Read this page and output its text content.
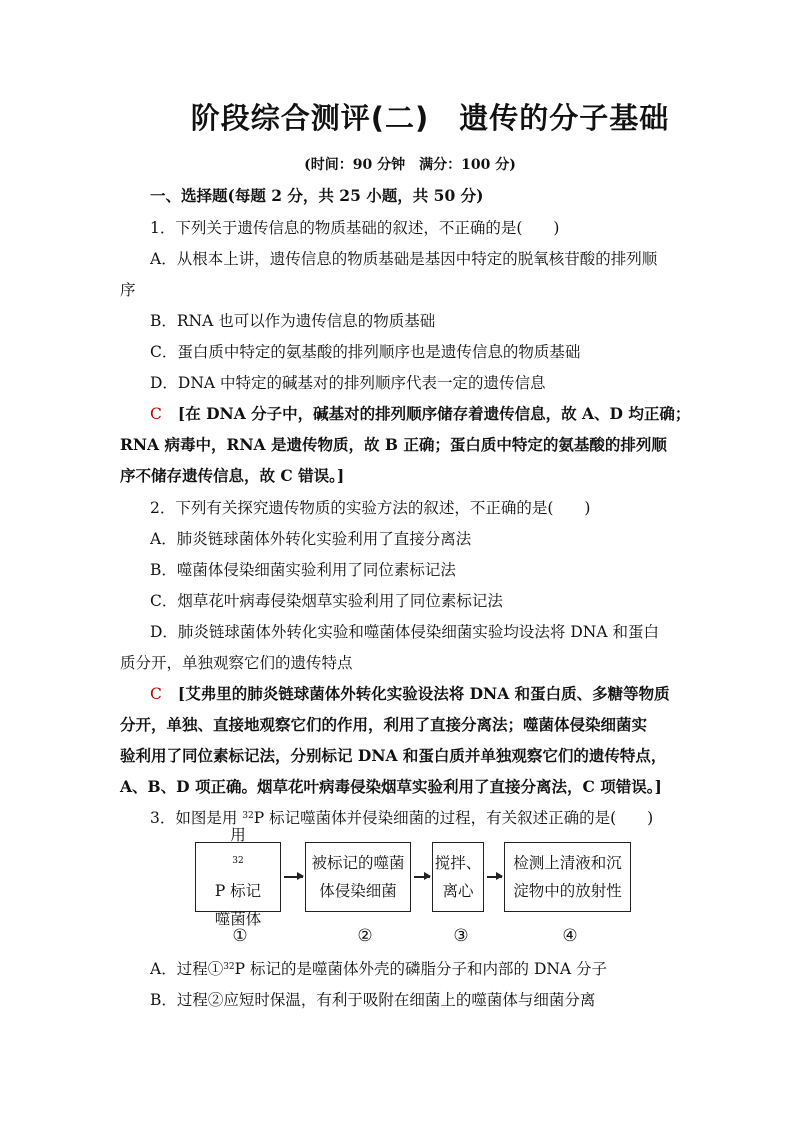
阶段综合测评(二)　遗传的分子基础
(时间：90 分钟　满分：100 分)
一、选择题(每题 2 分，共 25 小题，共 50 分)
1．下列关于遗传信息的物质基础的叙述，不正确的是(　　)
A．从根本上讲，遗传信息的物质基础是基因中特定的脱氧核苷酸的排列顺
序
B．RNA 也可以作为遗传信息的物质基础
C．蛋白质中特定的氨基酸的排列顺序也是遗传信息的物质基础
D．DNA 中特定的碱基对的排列顺序代表一定的遗传信息
C [在 DNA 分子中，碱基对的排列顺序储存着遗传信息，故 A、D 均正确；
RNA 病毒中，RNA 是遗传物质，故 B 正确；蛋白质中特定的氨基酸的排列顺
序不储存遗传信息，故 C 错误。]
2．下列有关探究遗传物质的实验方法的叙述，不正确的是(　　)
A．肺炎链球菌体外转化实验利用了直接分离法
B．噬菌体侵染细菌实验利用了同位素标记法
C．烟草花叶病毒侵染烟草实验利用了同位素标记法
D．肺炎链球菌体外转化实验和噬菌体侵染细菌实验均设法将 DNA 和蛋白
质分开，单独观察它们的遗传特点
C [艾弗里的肺炎链球菌体外转化实验设法将 DNA 和蛋白质、多糖等物质
分开，单独、直接地观察它们的作用，利用了直接分离法；噬菌体侵染细菌实
验利用了同位素标记法，分别标记 DNA 和蛋白质并单独观察它们的遗传特点，
A、B、D 项正确。烟草花叶病毒侵染烟草实验利用了直接分离法，C 项错误。]
3．如图是用 $^{32}$P 标记噬菌体并侵染细菌的过程，有关叙述正确的是(　　)
用
$^{32}$
P 标记
噬菌体
被标记的噬菌
体侵染细菌
搅拌、
离心
检测上清液和沉
淀物中的放射性
①	②	③	④
A．过程①$^{32}$P 标记的是噬菌体外壳的磷脂分子和内部的 DNA 分子
B．过程②应短时保温，有利于吸附在细菌上的噬菌体与细菌分离
